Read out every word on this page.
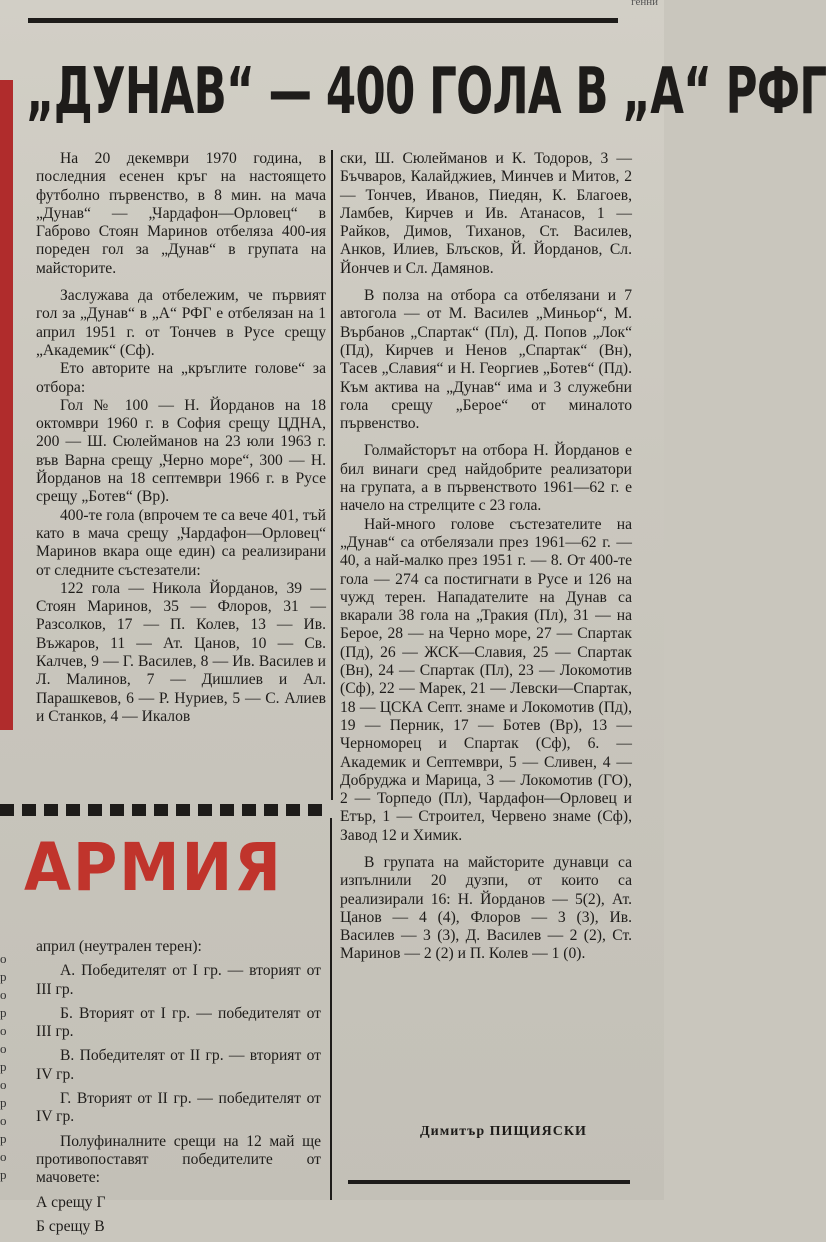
генни
„ДУНАВ“ — 400 ГОЛА В „А“ РФГ

На 20 декември 1970 година, в последния есенен кръг на настоящето футболно първенство, в 8 мин. на мача „Дунав“ — „Чардафон—Орловец“ в Габрово Стоян Маринов отбеляза 400-ия пореден гол за „Дунав“ в групата на майсторите.

Заслужава да отбележим, че първият гол за „Дунав“ в „А“ РФГ е отбелязан на 1 април 1951 г. от Тончев в Русе срещу „Академик“ (Сф).

Ето авторите на „кръглите голове“ за отбора:

Гол № 100 — Н. Йорданов на 18 октомври 1960 г. в София срещу ЦДНА, 200 — Ш. Сюлейманов на 23 юли 1963 г. във Варна срещу „Черно море“, 300 — Н. Йорданов на 18 септември 1966 г. в Русе срещу „Ботев“ (Вр).

400-те гола (впрочем те са вече 401, тъй като в мача срещу „Чардафон—Орловец“ Маринов вкара още един) са реализирани от следните състезатели:

122 гола — Никола Йорданов, 39 — Стоян Маринов, 35 — Флоров, 31 — Разсолков, 17 — П. Колев, 13 — Ив. Въжаров, 11 — Ат. Цанов, 10 — Св. Калчев, 9 — Г. Василев, 8 — Ив. Василев и Л. Малинов, 7 — Дишлиев и Ал. Парашкевов, 6 — Р. Нуриев, 5 — С. Алиев и Станков, 4 — Икалов

ски, Ш. Сюлейманов и К. Тодоров, 3 — Бъчваров, Калайджиев, Минчев и Митов, 2 — Тончев, Иванов, Пиедян, К. Благоев, Ламбев, Кирчев и Ив. Атанасов, 1 — Райков, Димов, Тиханов, Ст. Василев, Анков, Илиев, Блъсков, Й. Йорданов, Сл. Йончев и Сл. Дамянов.

В полза на отбора са отбелязани и 7 автогола — от М. Василев „Миньор“, М. Върбанов „Спартак“ (Пл), Д. Попов „Лок“ (Пд), Кирчев и Ненов „Спартак“ (Вн), Тасев „Славия“ и Н. Георгиев „Ботев“ (Пд). Към актива на „Дунав“ има и 3 служебни гола срещу „Берое“ от миналото първенство.

Голмайсторът на отбора Н. Йорданов е бил винаги сред найдобрите реализатори на групата, а в първенството 1961—62 г. е начело на стрелците с 23 гола.

Най-много голове състезателите на „Дунав“ са отбелязали през 1961—62 г. — 40, а най-малко през 1951 г. — 8. От 400-те гола — 274 са постигнати в Русе и 126 на чужд терен. Нападателите на Дунав са вкарали 38 гола на „Тракия (Пл), 31 — на Берое, 28 — на Черно море, 27 — Спартак (Пд), 26 — ЖСК—Славия, 25 — Спартак (Вн), 24 — Спартак (Пл), 23 — Локомотив (Сф), 22 — Марек, 21 — Левски—Спартак, 18 — ЦСКА Септ. знаме и Локомотив (Пд), 19 — Перник, 17 — Ботев (Вр), 13 — Черноморец и Спартак (Сф), 6. — Академик и Септември, 5 — Сливен, 4 — Добруджа и Марица, 3 — Локомотив (ГО), 2 — Торпедо (Пл), Чардафон—Орловец и Етър, 1 — Строител, Червено знаме (Сф), Завод 12 и Химик.

В групата на майсторите дунавци са изпълнили 20 дузпи, от които са реализирали 16: Н. Йорданов — 5(2), Ат. Цанов — 4 (4), Флоров — 3 (3), Ив. Василев — 3 (3), Д. Василев — 2 (2), Ст. Маринов — 2 (2) и П. Колев — 1 (0).

Димитър ПИЩИЯСКИ
АРМИЯ
о р о р о о р о р о р о р

април (неутрален терен):

А. Победителят от I гр. — вторият от III гр.

Б. Вторият от I гр. — победителят от III гр.

В. Победителят от II гр. — вторият от IV гр.

Г. Вторият от II гр. — победителят от IV гр.

Полуфиналните срещи на 12 май ще противопоставят победителите от мачовете:

А срещу Г

Б срещу В
